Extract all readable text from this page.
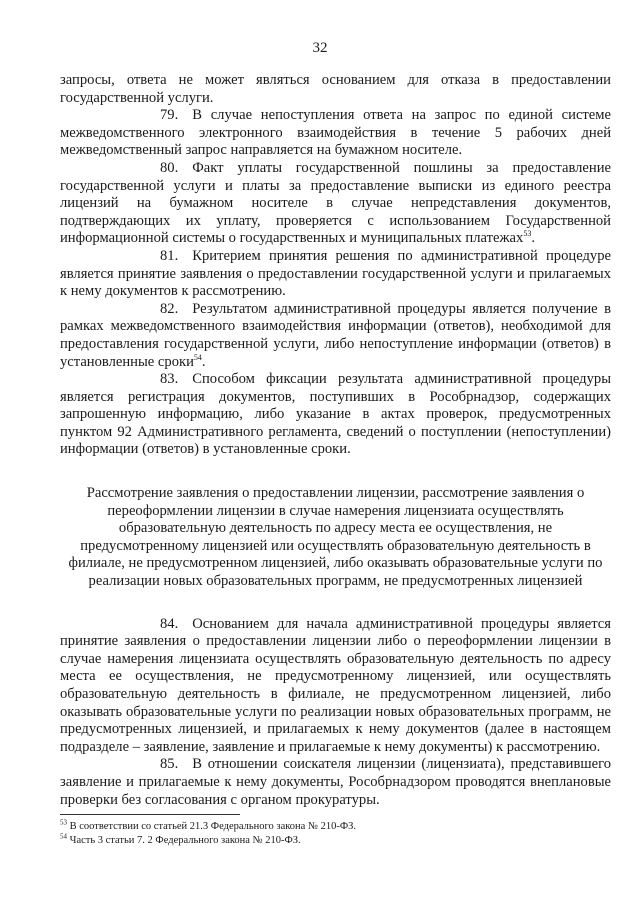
32

запросы, ответа не может являться основанием для отказа в предоставлении государственной услуги.

79. В случае непоступления ответа на запрос по единой системе межведомственного электронного взаимодействия в течение 5 рабочих дней межведомственный запрос направляется на бумажном носителе.

80. Факт уплаты государственной пошлины за предоставление государственной услуги и платы за предоставление выписки из единого реестра лицензий на бумажном носителе в случае непредставления документов, подтверждающих их уплату, проверяется с использованием Государственной информационной системы о государственных и муниципальных платежах$^{53}$.

81. Критерием принятия решения по административной процедуре является принятие заявления о предоставлении государственной услуги и прилагаемых к нему документов к рассмотрению.

82. Результатом административной процедуры является получение в рамках межведомственного взаимодействия информации (ответов), необходимой для предоставления государственной услуги, либо непоступление информации (ответов) в установленные сроки$^{54}$.

83. Способом фиксации результата административной процедуры является регистрация документов, поступивших в Рособрнадзор, содержащих запрошенную информацию, либо указание в актах проверок, предусмотренных пунктом 92 Административного регламента, сведений о поступлении (непоступлении) информации (ответов) в установленные сроки.

Рассмотрение заявления о предоставлении лицензии, рассмотрение заявления о переоформлении лицензии в случае намерения лицензиата осуществлять образовательную деятельность по адресу места ее осуществления, не предусмотренному лицензией или осуществлять образовательную деятельность в филиале, не предусмотренном лицензией, либо оказывать образовательные услуги по реализации новых образовательных программ, не предусмотренных лицензией

84. Основанием для начала административной процедуры является принятие заявления о предоставлении лицензии либо о переоформлении лицензии в случае намерения лицензиата осуществлять образовательную деятельность по адресу места ее осуществления, не предусмотренному лицензией, или осуществлять образовательную деятельность в филиале, не предусмотренном лицензией, либо оказывать образовательные услуги по реализации новых образовательных программ, не предусмотренных лицензией, и прилагаемых к нему документов (далее в настоящем подразделе – заявление, заявление и прилагаемые к нему документы) к рассмотрению.

85. В отношении соискателя лицензии (лицензиата), представившего заявление и прилагаемые к нему документы, Рособрнадзором проводятся внеплановые проверки без согласования с органом прокуратуры.

$^{53}$ В соответствии со статьей 21.3 Федерального закона № 210-ФЗ.

$^{54}$ Часть 3 статьи 7. 2 Федерального закона № 210-ФЗ.
